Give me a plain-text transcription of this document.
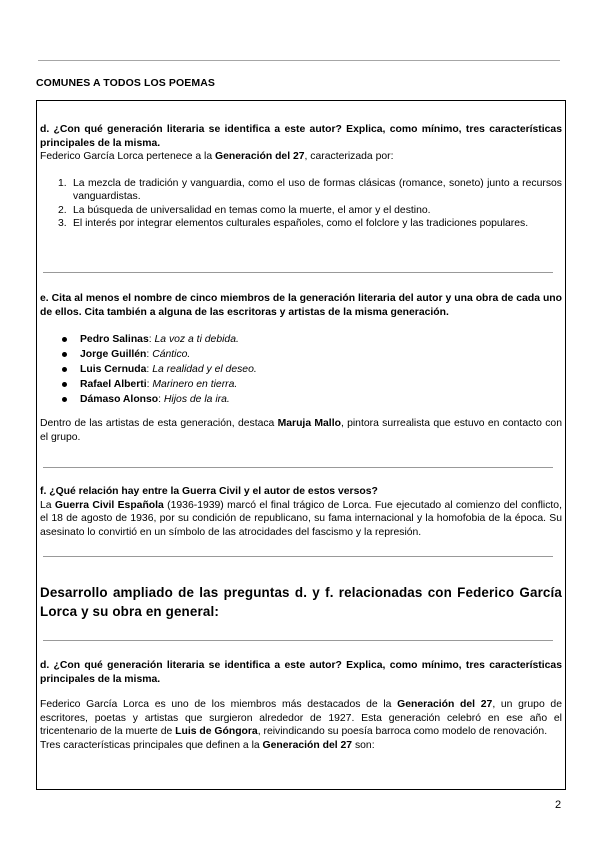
COMUNES A TODOS LOS POEMAS
d. ¿Con qué generación literaria se identifica a este autor? Explica, como mínimo, tres características principales de la misma.
Federico García Lorca pertenece a la Generación del 27, caracterizada por:
1. La mezcla de tradición y vanguardia, como el uso de formas clásicas (romance, soneto) junto a recursos vanguardistas.
2. La búsqueda de universalidad en temas como la muerte, el amor y el destino.
3. El interés por integrar elementos culturales españoles, como el folclore y las tradiciones populares.
e. Cita al menos el nombre de cinco miembros de la generación literaria del autor y una obra de cada uno de ellos. Cita también a alguna de las escritoras y artistas de la misma generación.
Pedro Salinas: La voz a ti debida.
Jorge Guillén: Cántico.
Luis Cernuda: La realidad y el deseo.
Rafael Alberti: Marinero en tierra.
Dámaso Alonso: Hijos de la ira.
Dentro de las artistas de esta generación, destaca Maruja Mallo, pintora surrealista que estuvo en contacto con el grupo.
f. ¿Qué relación hay entre la Guerra Civil y el autor de estos versos?
La Guerra Civil Española (1936-1939) marcó el final trágico de Lorca. Fue ejecutado al comienzo del conflicto, el 18 de agosto de 1936, por su condición de republicano, su fama internacional y la homofobia de la época. Su asesinato lo convirtió en un símbolo de las atrocidades del fascismo y la represión.
Desarrollo ampliado de las preguntas d. y f. relacionadas con Federico García Lorca y su obra en general:
d. ¿Con qué generación literaria se identifica a este autor? Explica, como mínimo, tres características principales de la misma.
Federico García Lorca es uno de los miembros más destacados de la Generación del 27, un grupo de escritores, poetas y artistas que surgieron alrededor de 1927. Esta generación celebró en ese año el tricentenario de la muerte de Luis de Góngora, reivindicando su poesía barroca como modelo de renovación.
Tres características principales que definen a la Generación del 27 son:
2
